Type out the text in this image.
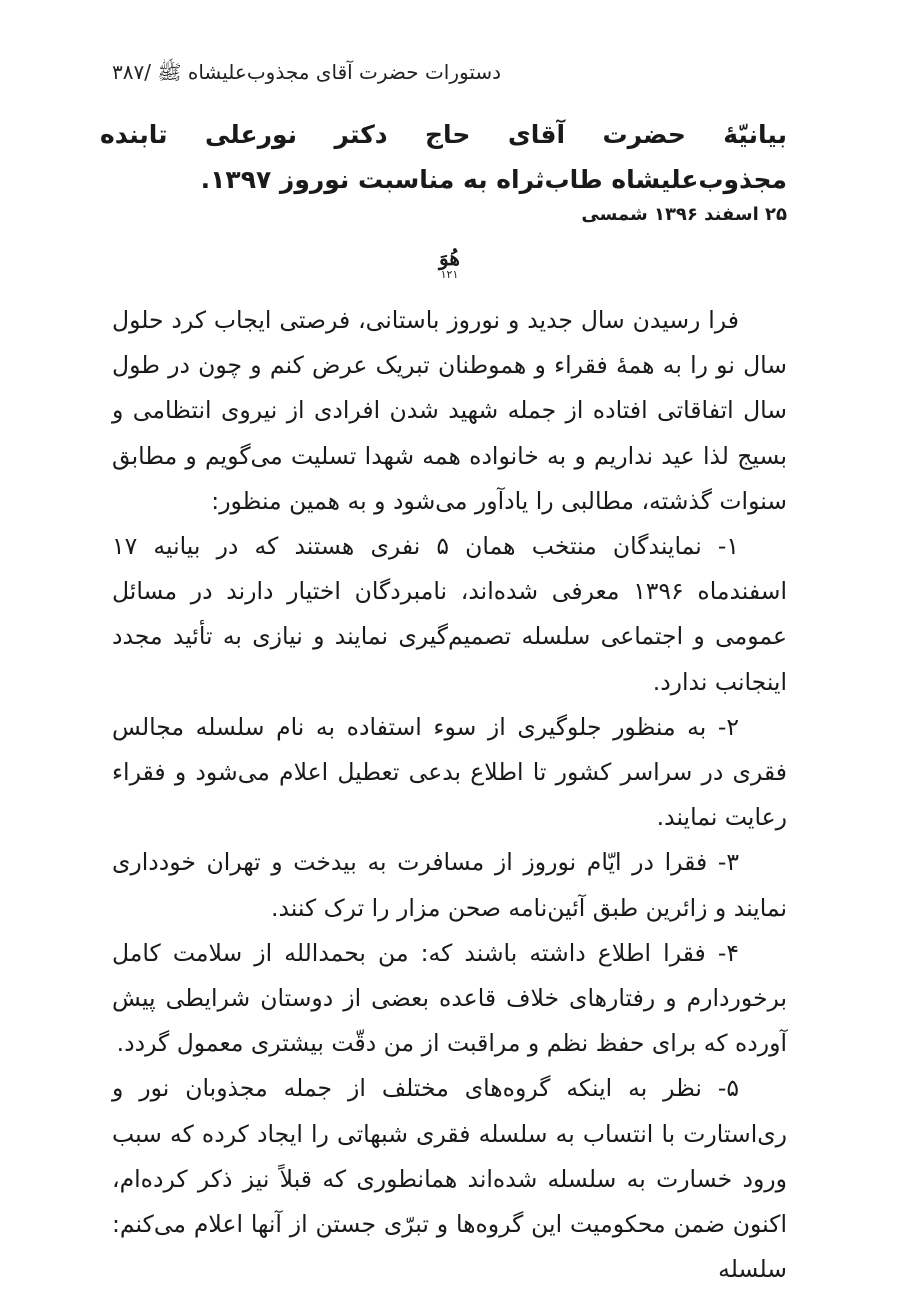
دستورات حضرت آقای مجذوب‌علیشاه ﷺ /۳۸۷
بیانیّهٔ حضرت آقای حاج دکتر نورعلی تابنده مجذوب‌علیشاه طاب‌ثراه به مناسبت نوروز ۱۳۹۷.
۲۵ اسفند ۱۳۹۶ شمسی
هُوَ
۱۲۱

فرا رسیدن سال جدید و نوروز باستانی، فرصتی ایجاب کرد حلول سال نو را به همهٔ فقراء و هموطنان تبریک عرض کنم و چون در طول سال اتفاقاتی افتاده از جمله شهید شدن افرادی از نیروی انتظامی و بسیج لذا عید نداریم و به خانواده همه شهدا تسلیت می‌گویم و مطابق سنوات گذشته، مطالبی را یادآور می‌شود و به همین منظور:

۱- نمایندگان منتخب همان ۵ نفری هستند که در بیانیه ۱۷ اسفندماه ۱۳۹۶ معرفی شده‌اند، نامبردگان اختیار دارند در مسائل عمومی و اجتماعی سلسله تصمیم‌گیری نمایند و نیازی به تأئید مجدد اینجانب ندارد.

۲- به منظور جلوگیری از سوء استفاده به نام سلسله مجالس فقری در سراسر کشور تا اطلاع بدعی تعطیل اعلام می‌شود و فقراء رعایت نمایند.

۳- فقرا در ایّام نوروز از مسافرت به بیدخت و تهران خودداری نمایند و زائرین طبق آئین‌نامه صحن مزار را ترک کنند.

۴- فقرا اطلاع داشته باشند که: من بحمدالله از سلامت کامل برخوردارم و رفتارهای خلاف قاعده بعضی از دوستان شرایطی پیش آورده که برای حفظ نظم و مراقبت از من دقّت بیشتری معمول گردد.

۵- نظر به اینکه گروه‌های مختلف از جمله مجذوبان نور و ری‌استارت با انتساب به سلسله فقری شبهاتی را ایجاد کرده که سبب ورود خسارت به سلسله شده‌اند همانطوری که قبلاً نیز ذکر کرده‌ام، اکنون ضمن محکومیت این گروه‌ها و تبرّی جستن از آنها اعلام می‌کنم: سلسله
